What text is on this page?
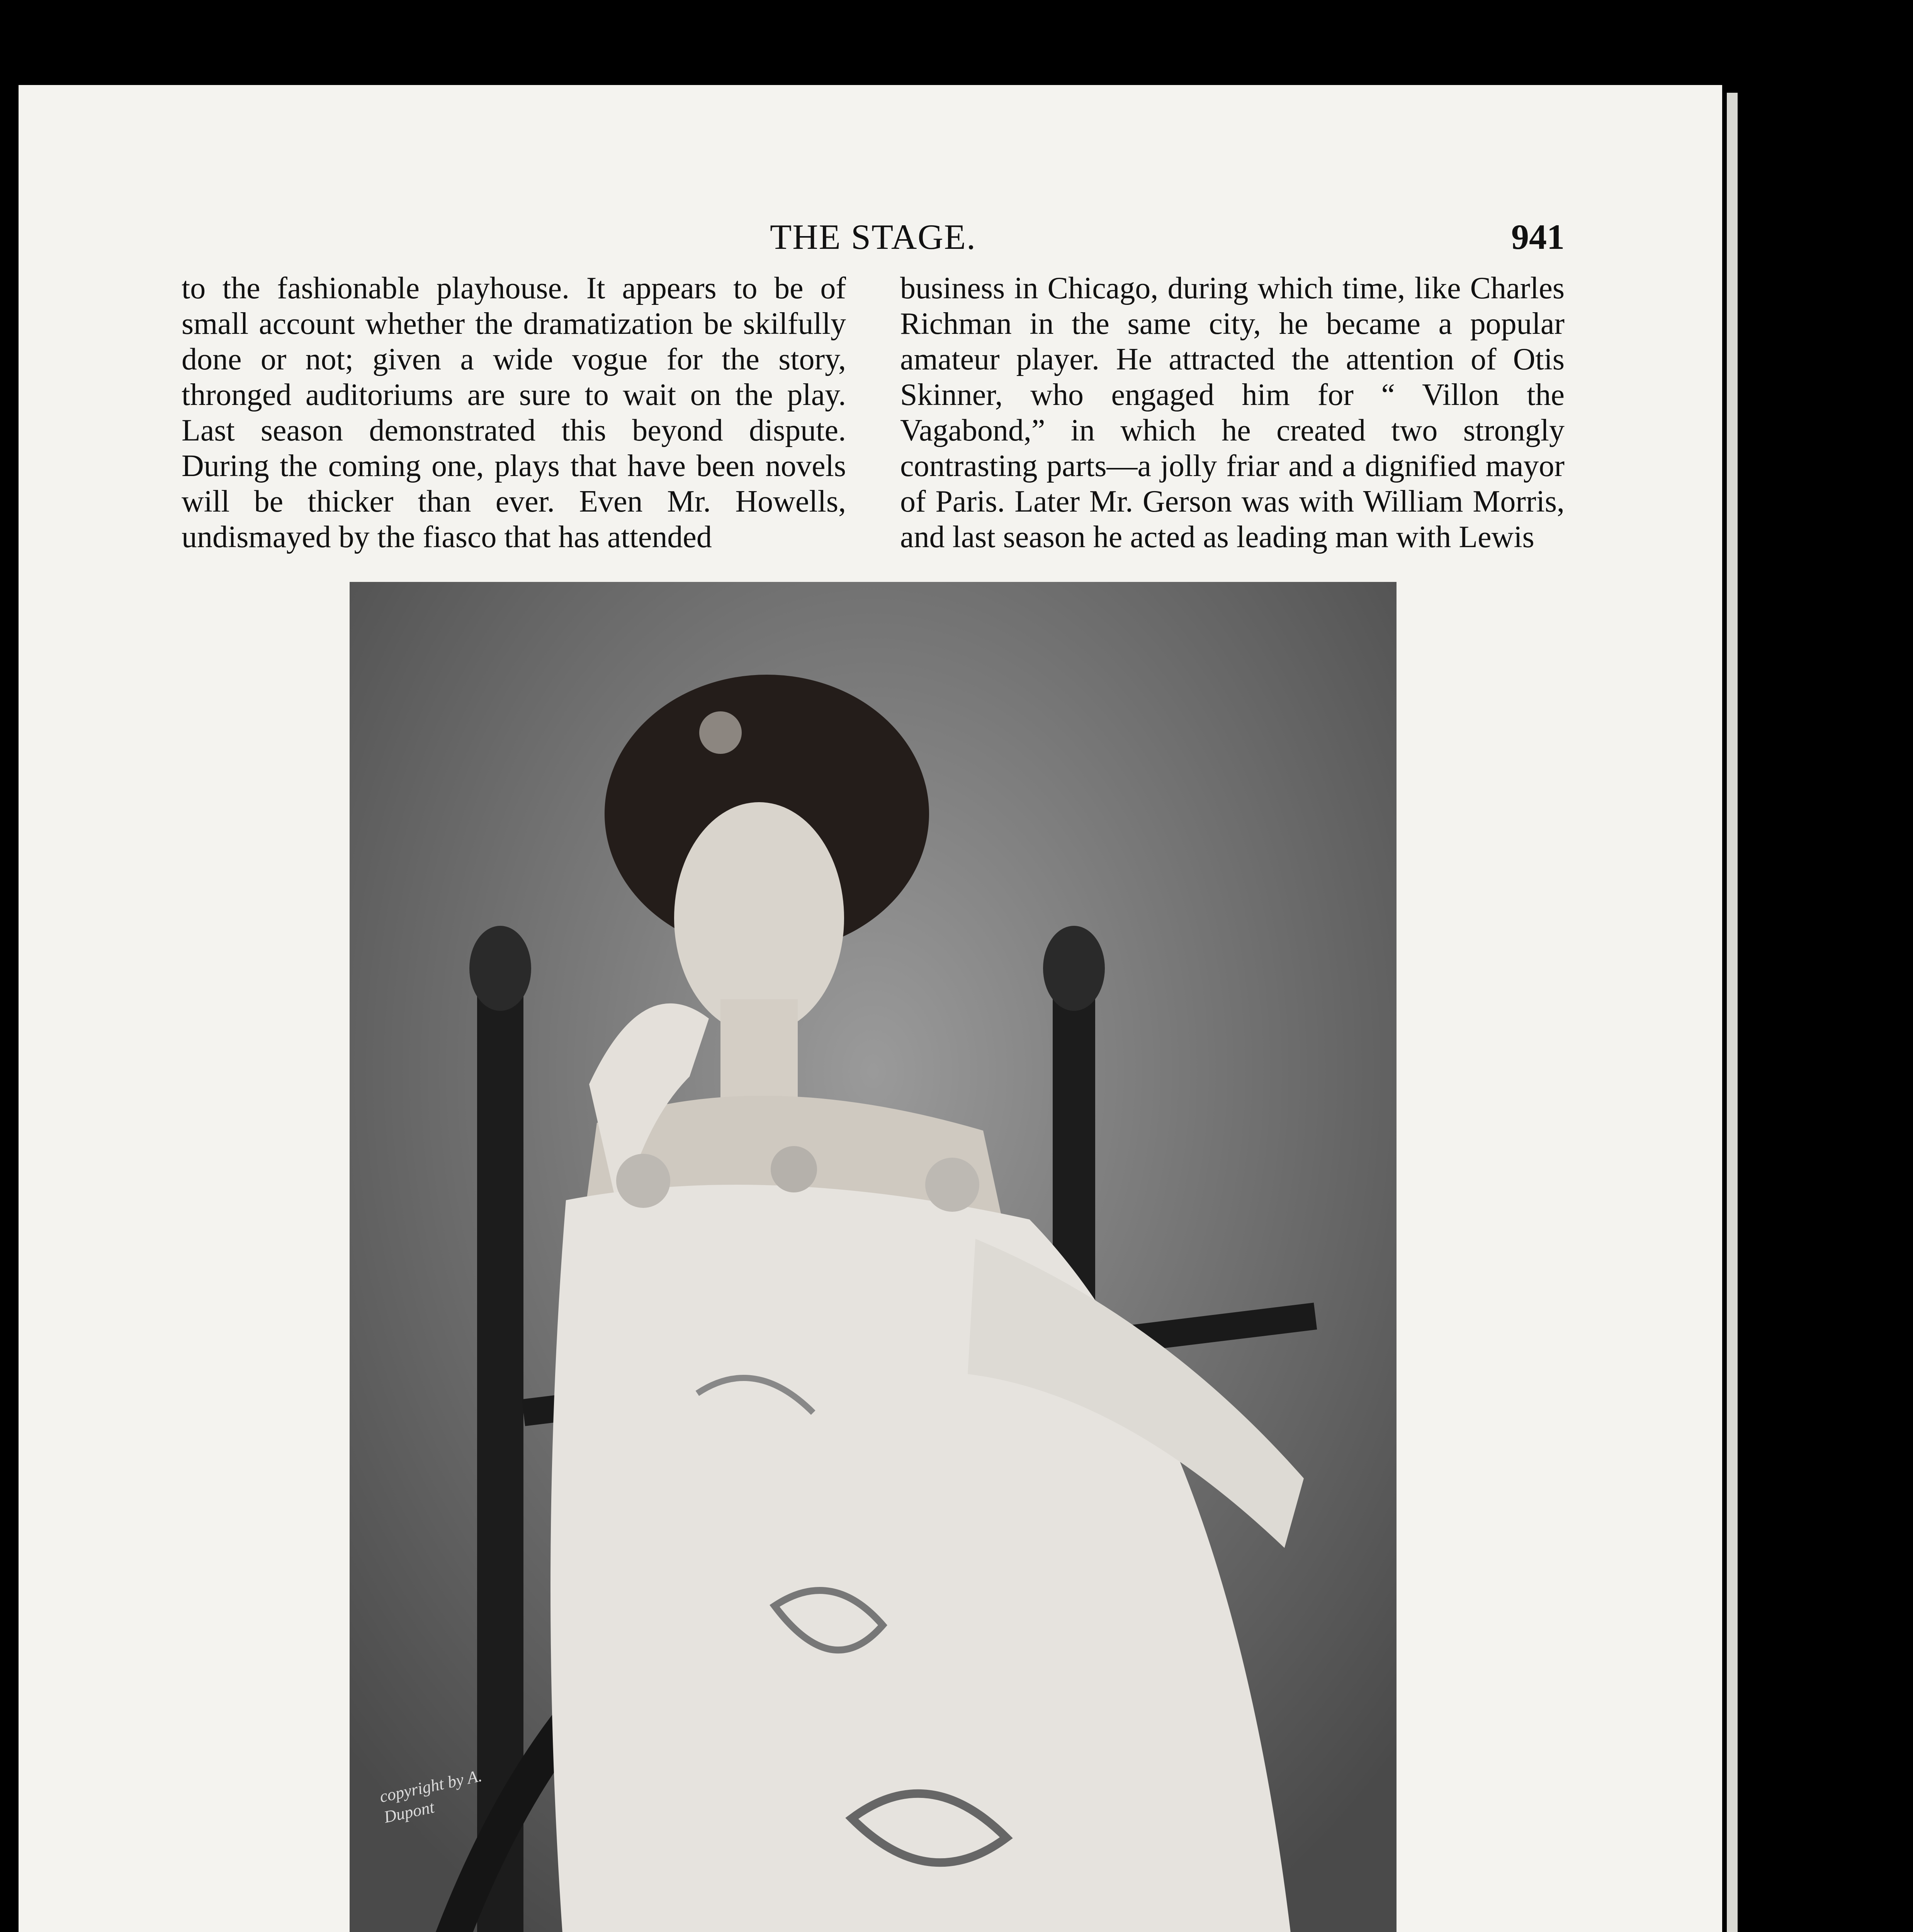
THE STAGE.	941

to the fashionable playhouse. It appears to be of small account whether the dramatization be skilfully done or not; given a wide vogue for the story, thronged auditoriums are sure to wait on the play. Last season demonstrated this beyond dispute. During the coming one, plays that have been novels will be thicker than ever. Even Mr. Howells, undismayed by the fiasco that has attended

business in Chicago, during which time, like Charles Richman in the same city, he became a popular amateur player. He attracted the attention of Otis Skinner, who engaged him for “ Villon the Vagabond,” in which he created two strongly contrasting parts—a jolly friar and a dignified mayor of Paris. Later Mr. Gerson was with William Morris, and last season he acted as leading man with Lewis

copyright by A. Dupont
